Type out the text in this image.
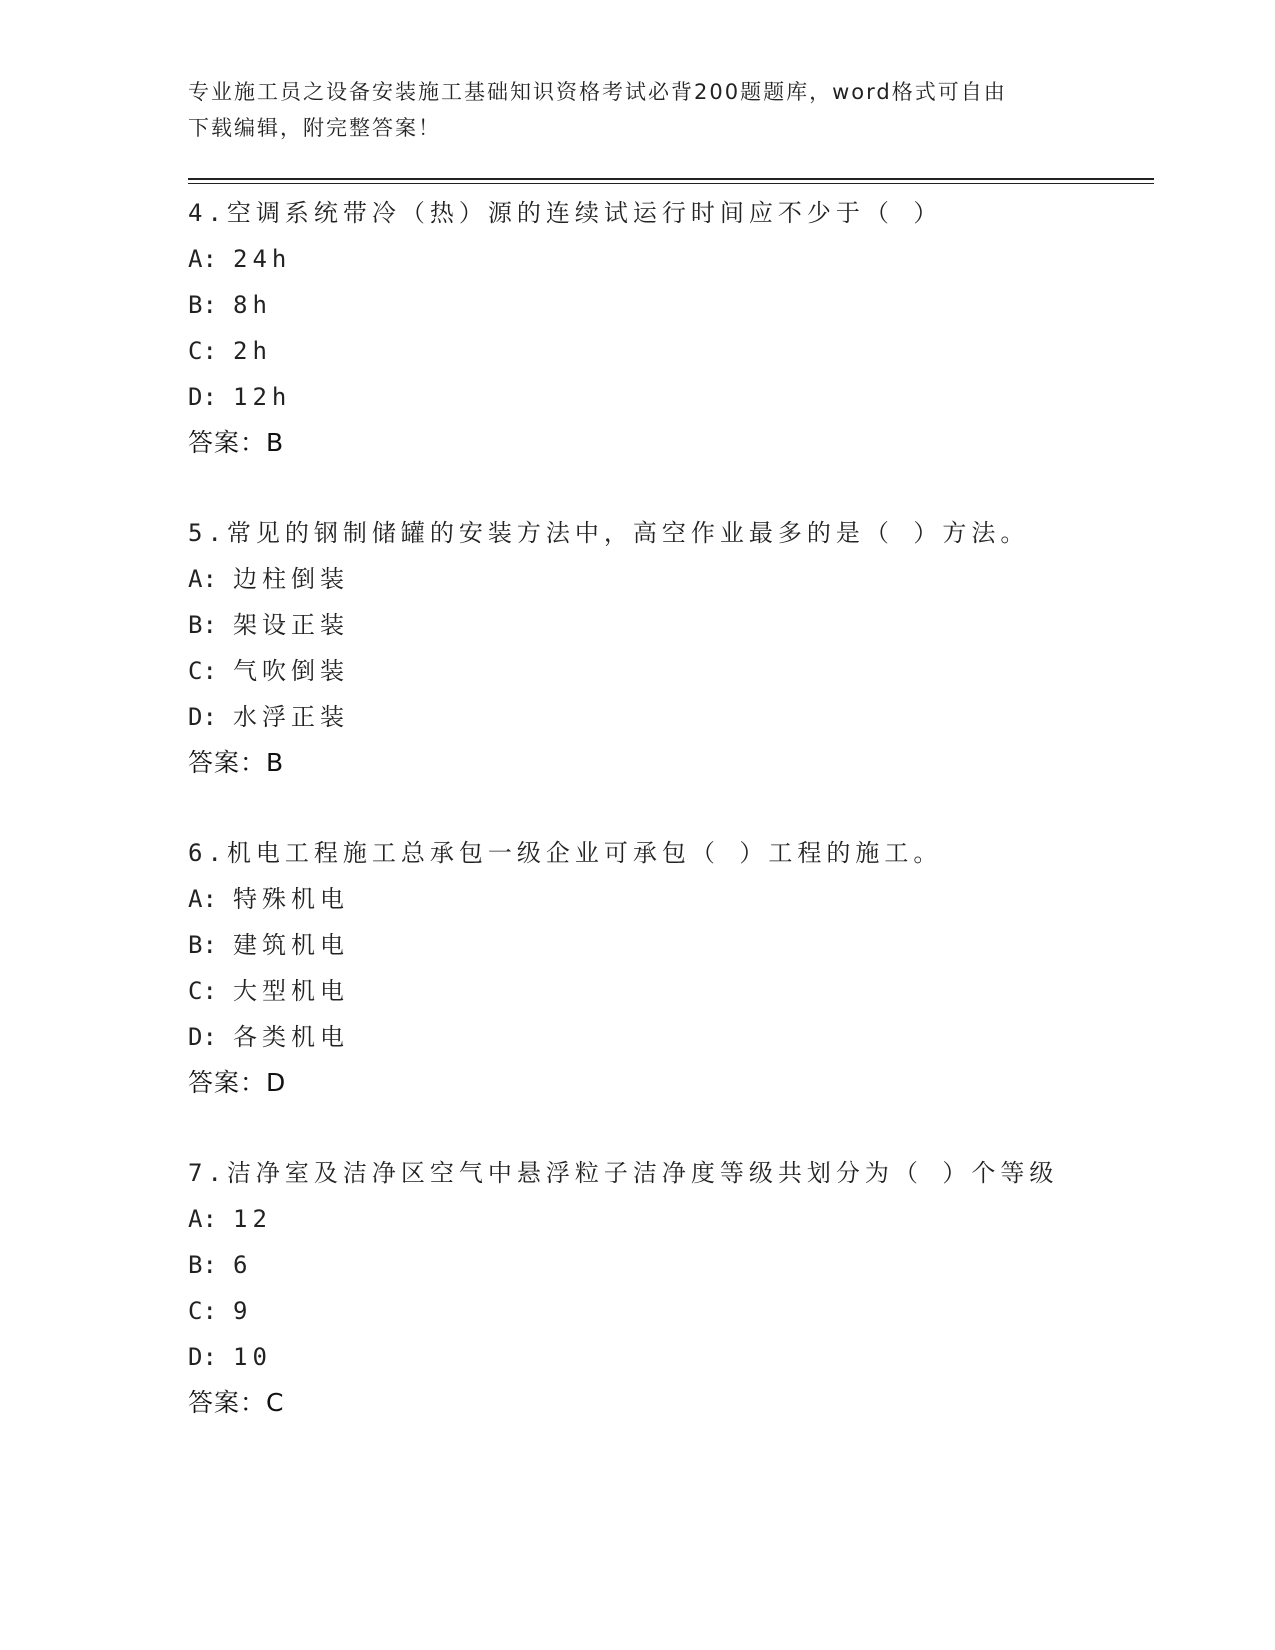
专业施工员之设备安装施工基础知识资格考试必背200题题库，word格式可自由
下载编辑，附完整答案！
4.空调系统带冷（热）源的连续试运行时间应不少于（ ）
A: 24h
B: 8h
C: 2h
D: 12h
答案：B
5.常见的钢制储罐的安装方法中，高空作业最多的是（ ）方法。
A: 边柱倒装
B: 架设正装
C: 气吹倒装
D: 水浮正装
答案：B
6.机电工程施工总承包一级企业可承包（ ）工程的施工。
A: 特殊机电
B: 建筑机电
C: 大型机电
D: 各类机电
答案：D
7.洁净室及洁净区空气中悬浮粒子洁净度等级共划分为（ ）个等级
A: 12
B: 6
C: 9
D: 10
答案：C
